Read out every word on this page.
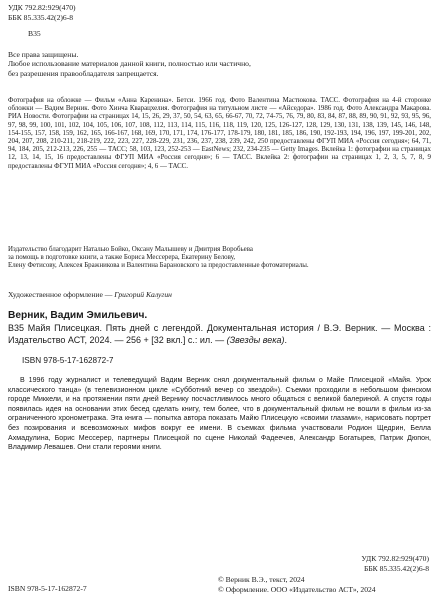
УДК 792.82:929(470)
ББК 85.335.42(2)6-8
В35
Все права защищены.
Любое использование материалов данной книги, полностью или частично,
без разрешения правообладателя запрещается.
Фотография на обложке — Фильм «Анна Каренина». Бетси. 1966 год. Фото Валентина Мастюкова. ТАСС. Фотография на 4-й сторонке обложки — Вадим Верник. Фото Хинча Кварацхелия. Фотография на титульном листе — «Айседора». 1986 год. Фото Александра Макарова. РИА Новости. Фотографии на страницах 14, 15, 26, 29, 37, 50, 54, 63, 65, 66-67, 70, 72, 74-75, 76, 79, 80, 83, 84, 87, 88, 89, 90, 91, 92, 93, 95, 96, 97, 98, 99, 100, 101, 102, 104, 105, 106, 107, 108, 112, 113, 114, 115, 116, 118, 119, 120, 125, 126-127, 128, 129, 130, 131, 138, 139, 145, 146, 148, 154-155, 157, 158, 159, 162, 165, 166-167, 168, 169, 170, 171, 174, 176-177, 178-179, 180, 181, 185, 186, 190, 192-193, 194, 196, 197, 199-201, 202, 204, 207, 208, 210-211, 218-219, 222, 223, 227, 228-229, 231, 236, 237, 238, 239, 242, 250 предоставлены ФГУП МИА «Россия сегодня»; 64, 71, 94, 184, 205, 212-213, 226, 255 — ТАСС; 58, 103, 123, 252-253 — EastNews; 232, 234-235 — Getty Images. Вклейка 1: фотографии на страницах 12, 13, 14, 15, 16 предоставлены ФГУП МИА «Россия сегодня»; 6 — ТАСС. Вклейка 2: фотографии на страницах 1, 2, 3, 5, 7, 8, 9 предоставлены ФГУП МИА «Россия сегодня»; 4, 6 — ТАСС.
Издательство благодарит Наталью Бойко, Оксану Малышеву и Дмитрия Воробьева
за помощь в подготовке книги, а также Бориса Мессерера, Екатерину Белову,
Елену Фетисову, Алексея Бражникова и Валентина Барановского за предоставленные фотоматериалы.
Художественное оформление — Григорий Калугин
Верник, Вадим Эмильевич.
В35 Майя Плисецкая. Пять дней с легендой. Документальная история / В.Э. Верник. — Москва : Издательство АСТ, 2024. — 256 + [32 вкл.] с.: ил. — (Звезды века).
ISBN 978-5-17-162872-7

В 1996 году журналист и телеведущий Вадим Верник снял документальный фильм о Майе Плисецкой «Майя. Урок классического танца» (в телевизионном цикле «Субботний вечер со звездой»). Съемки проходили в небольшом финском городе Миккели, и на протяжении пяти дней Вернику посчастливилось много общаться с великой балериной. А спустя годы появилась идея на основании этих бесед сделать книгу, тем более, что в документальный фильм не вошли в фильм из-за ограниченного хронометража. Эта книга — попытка автора показать Майю Плисецкую «своими глазами», нарисовать портрет без позирования и всевозможных мифов вокруг ее имени. В съемках фильма участвовали Родион Щедрин, Белла Ахмадулина, Борис Мессерер, партнеры Плисецкой по сцене Николай Фадеечев, Александр Богатырев, Патрик Дюпон, Владимир Левашев. Они стали героями книги.

УДК 792.82:929(470)
ББК 85.335.42(2)6-8
ISBN 978-5-17-162872-7
© Верник В.Э., текст, 2024
© Оформление. ООО «Издательство АСТ», 2024
